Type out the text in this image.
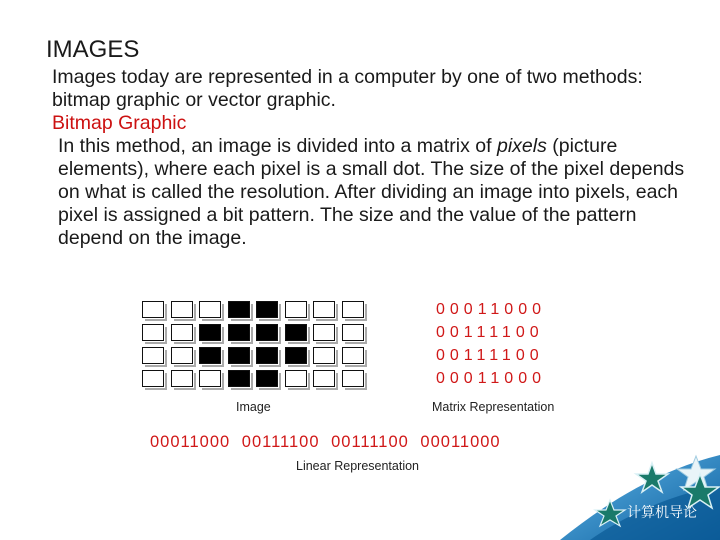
IMAGES

Images today are represented in a computer by one of two methods: bitmap graphic or vector graphic.

Bitmap Graphic

In this method, an image is divided into a matrix of pixels (picture elements), where each pixel is a small dot. The size of the pixel depends on what is called the resolution. After dividing an image into pixels, each pixel is assigned a bit pattern. The size and the value of the pattern depend on the image.

Image
00011000
00111100
00111100
00011000
Matrix Representation
00011000 00111100 00111100 00011000
Linear Representation
计算机导论
